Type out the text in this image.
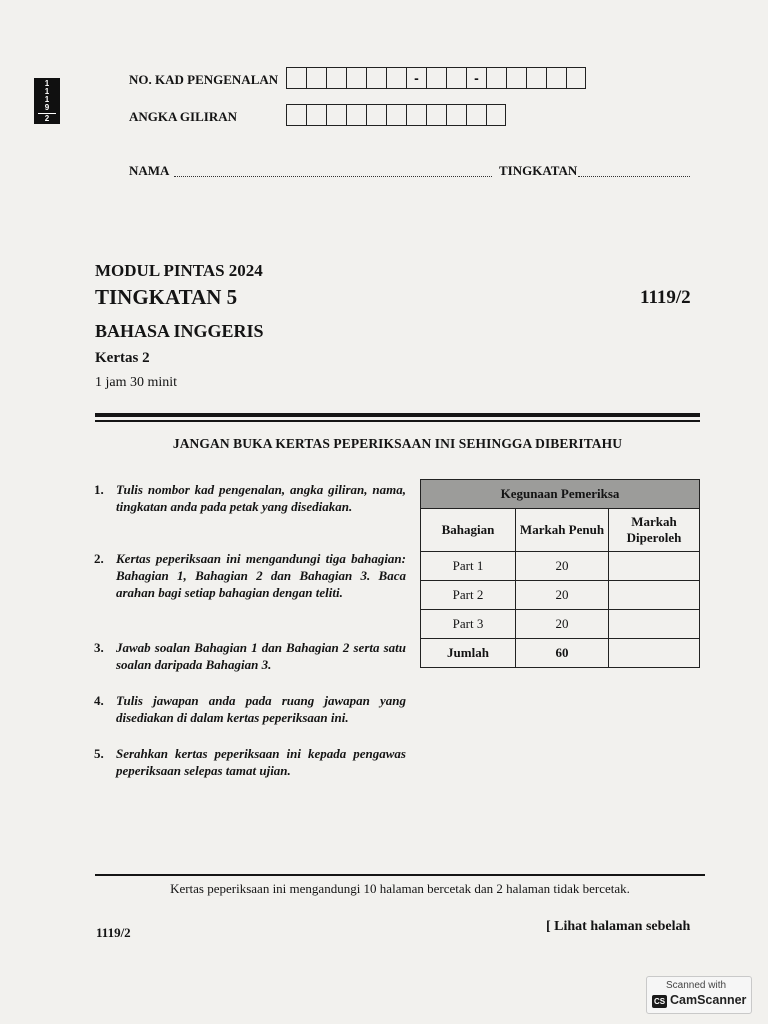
1
1
1
9
2
NO. KAD PENGENALAN	-	-
ANGKA GILIRAN
NAMA	TINGKATAN
MODUL PINTAS 2024
TINGKATAN 5	1119/2
BAHASA INGGERIS
Kertas 2
1 jam 30 minit
JANGAN BUKA KERTAS PEPERIKSAAN INI SEHINGGA DIBERITAHU
1. Tulis nombor kad pengenalan, angka giliran, nama, tingkatan anda pada petak yang disediakan.
2. Kertas peperiksaan ini mengandungi tiga bahagian: Bahagian 1, Bahagian 2 dan Bahagian 3. Baca arahan bagi setiap bahagian dengan teliti.
3. Jawab soalan Bahagian 1 dan Bahagian 2 serta satu soalan daripada Bahagian 3.
4. Tulis jawapan anda pada ruang jawapan yang disediakan di dalam kertas peperiksaan ini.
5. Serahkan kertas peperiksaan ini kepada pengawas peperiksaan selepas tamat ujian.
Kegunaan Pemeriksa		
Bahagian	Markah Penuh	Markah Diperoleh
Part 1	20	
Part 2	20	
Part 3	20	
Jumlah	60	
Kertas peperiksaan ini mengandungi 10 halaman bercetak dan 2 halaman tidak bercetak.
1119/2	[ Lihat halaman sebelah
Scanned with
CS CamScanner
